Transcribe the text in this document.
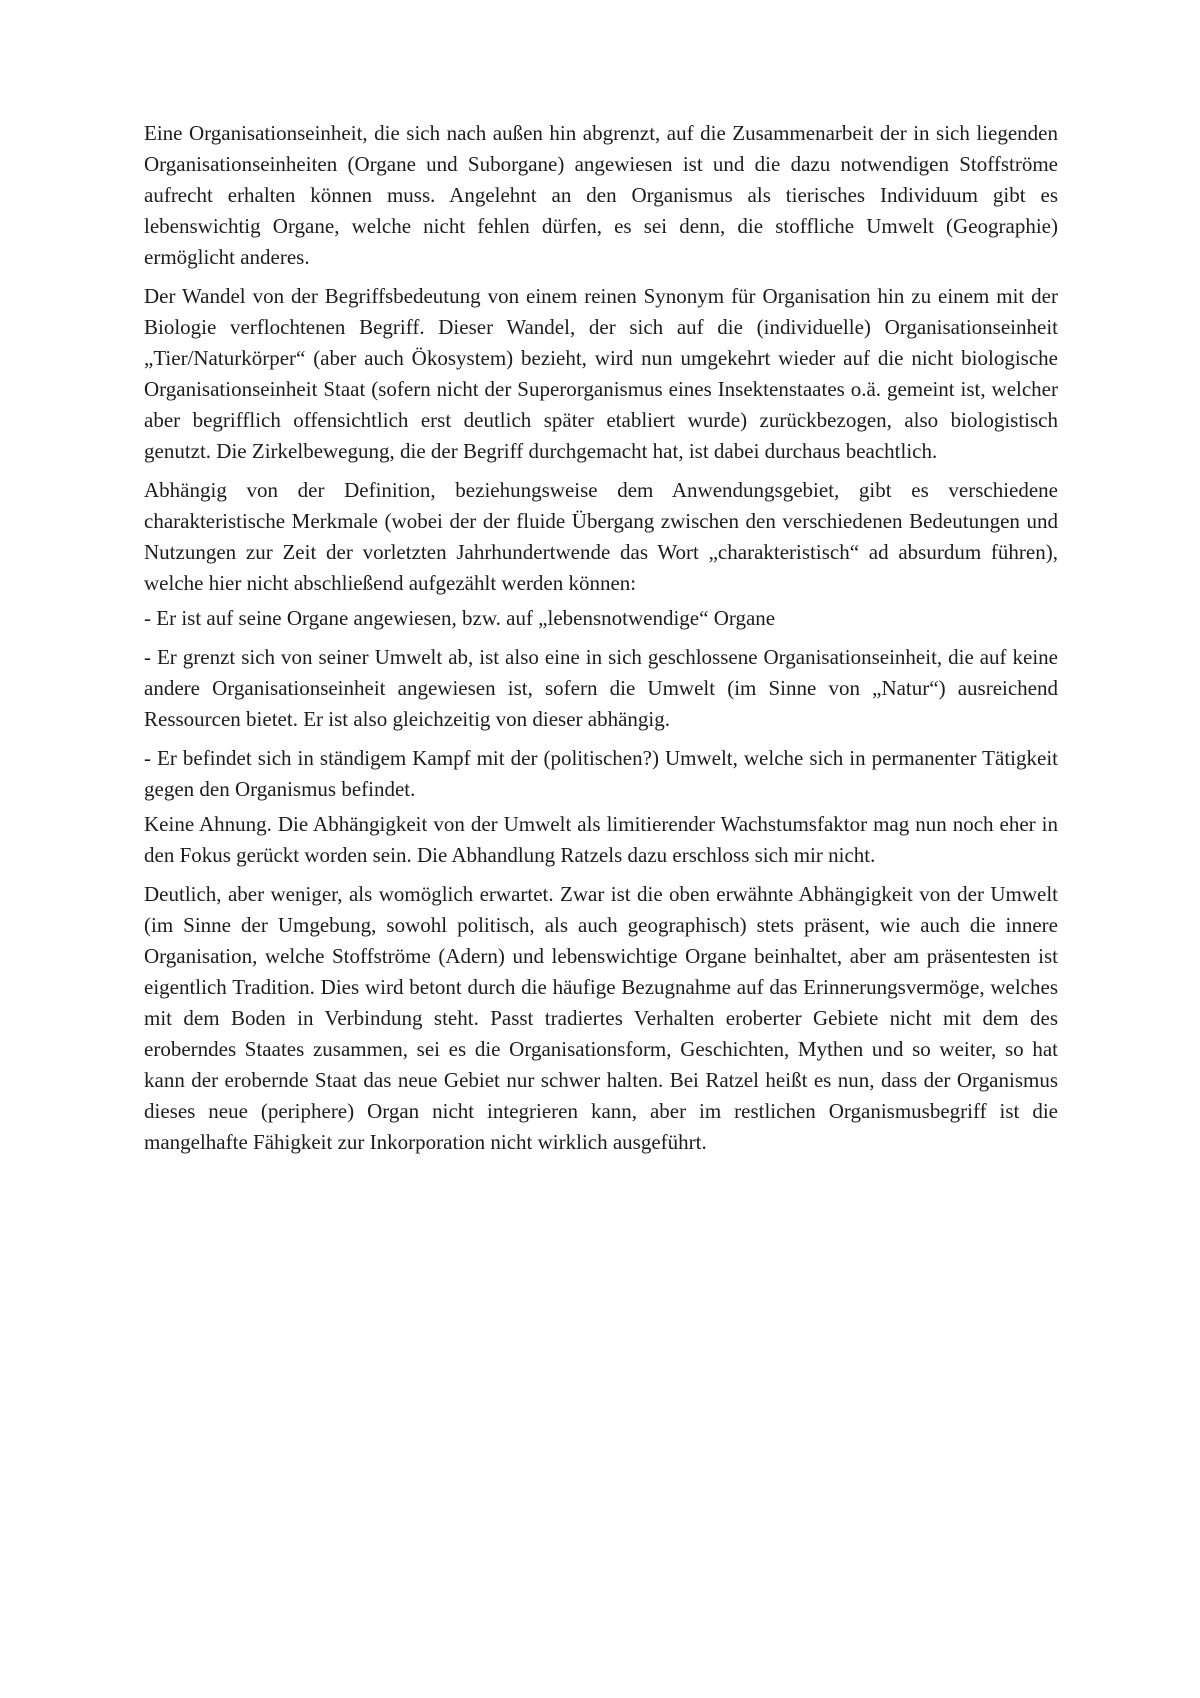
Eine Organisationseinheit, die sich nach außen hin abgrenzt, auf die Zusammenarbeit der in sich liegenden Organisationseinheiten (Organe und Suborgane) angewiesen ist und die dazu notwendigen Stoffströme aufrecht erhalten können muss. Angelehnt an den Organismus als tierisches Individuum gibt es lebenswichtig Organe, welche nicht fehlen dürfen, es sei denn, die stoffliche Umwelt (Geographie) ermöglicht anderes.

Der Wandel von der Begriffsbedeutung von einem reinen Synonym für Organisation hin zu einem mit der Biologie verflochtenen Begriff. Dieser Wandel, der sich auf die (individuelle) Organisationseinheit „Tier/Naturkörper“ (aber auch Ökosystem) bezieht, wird nun umgekehrt wieder auf die nicht biologische Organisationseinheit Staat (sofern nicht der Superorganismus eines Insektenstaates o.ä. gemeint ist, welcher aber begrifflich offensichtlich erst deutlich später etabliert wurde) zurückbezogen, also biologistisch genutzt. Die Zirkelbewegung, die der Begriff durchgemacht hat, ist dabei durchaus beachtlich.

Abhängig von der Definition, beziehungsweise dem Anwendungsgebiet, gibt es verschiedene charakteristische Merkmale (wobei der der fluide Übergang zwischen den verschiedenen Bedeutungen und Nutzungen zur Zeit der vorletzten Jahrhundertwende das Wort „charakteristisch“ ad absurdum führen), welche hier nicht abschließend aufgezählt werden können:

- Er ist auf seine Organe angewiesen, bzw. auf „lebensnotwendige“ Organe

- Er grenzt sich von seiner Umwelt ab, ist also eine in sich geschlossene Organisationseinheit, die auf keine andere Organisationseinheit angewiesen ist, sofern die Umwelt (im Sinne von „Natur“) ausreichend Ressourcen bietet. Er ist also gleichzeitig von dieser abhängig.

- Er befindet sich in ständigem Kampf mit der (politischen?) Umwelt, welche sich in permanenter Tätigkeit gegen den Organismus befindet.

Keine Ahnung. Die Abhängigkeit von der Umwelt als limitierender Wachstumsfaktor mag nun noch eher in den Fokus gerückt worden sein. Die Abhandlung Ratzels dazu erschloss sich mir nicht.

Deutlich, aber weniger, als womöglich erwartet. Zwar ist die oben erwähnte Abhängigkeit von der Umwelt (im Sinne der Umgebung, sowohl politisch, als auch geographisch) stets präsent, wie auch die innere Organisation, welche Stoffströme (Adern) und lebenswichtige Organe beinhaltet, aber am präsentesten ist eigentlich Tradition. Dies wird betont durch die häufige Bezugnahme auf das Erinnerungsvermöge, welches mit dem Boden in Verbindung steht. Passt tradiertes Verhalten eroberter Gebiete nicht mit dem des eroberndes Staates zusammen, sei es die Organisationsform, Geschichten, Mythen und so weiter, so hat kann der erobernde Staat das neue Gebiet nur schwer halten. Bei Ratzel heißt es nun, dass der Organismus dieses neue (periphere) Organ nicht integrieren kann, aber im restlichen Organismusbegriff ist die mangelhafte Fähigkeit zur Inkorporation nicht wirklich ausgeführt.
